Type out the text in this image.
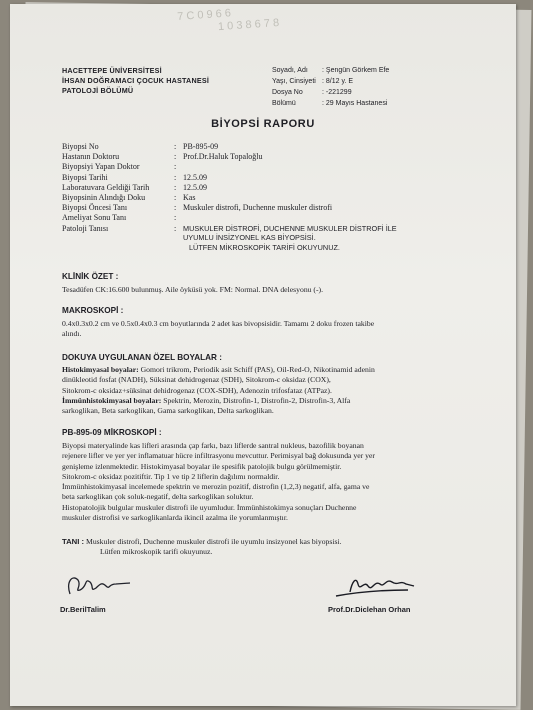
7 C 0 9 6 6
1 0 3 8 6 7 8
HACETTEPE ÜNİVERSİTESİ
İHSAN DOĞRAMACI ÇOCUK HASTANESİ
PATOLOJİ BÖLÜMÜ
Soyadı, Adı : Şengün Görkem Efe
Yaşı, Cinsiyeti : 8/12 y. E
Dosya No	: -221299
Bölümü	: 29 Mayıs Hastanesi
BİYOPSİ RAPORU
Biyopsi No	: PB-895-09
Hastanın Doktoru	: Prof.Dr.Haluk Topaloğlu
Biyopsiyi Yapan Doktor	:
Biyopsi Tarihi	: 12.5.09
Laboratuvara Geldiği Tarih	: 12.5.09
Biyopsinin Alındığı Doku	: Kas
Biyopsi Öncesi Tanı	: Muskuler distrofi, Duchenne muskuler distrofi
Ameliyat Sonu Tanı	:
Patoloji Tanısı	: MUSKULER DİSTROFİ, DUCHENNE MUSKULER DİSTROFİ İLE
UYUMLU İNSİZYONEL KAS BİYOPSİSİ.
LÜTFEN MİKROSKOPİK TARİFİ OKUYUNUZ.
KLİNİK ÖZET :
Tesadüfen CK:16.600 bulunmuş. Aile öyküsü yok. FM: Normal. DNA delesyonu (-).
MAKROSKOPİ :
0.4x0.3x0.2 cm ve 0.5x0.4x0.3 cm boyutlarında 2 adet kas bivopsisidir. Tamamı 2 doku frozen takibe
alındı.
DOKUYA UYGULANAN ÖZEL BOYALAR :
Histokimyasal boyalar: Gomori trikrom, Periodik asit Schiff (PAS), Oil-Red-O, Nikotinamid adenin
dinükleotid fosfat (NADH), Süksinat dehidrogenaz (SDH), Sitokrom-c oksidaz (COX),
Sitokrom-c oksidaz+süksinat dehidrogenaz (COX-SDH), Adenozin trifosfataz (ATPaz).
İmmünhistokimyasal boyalar: Spektrin, Merozin, Distrofin-1, Distrofin-2, Distrofin-3, Alfa
sarkoglikan, Beta sarkoglikan, Gama sarkoglikan, Delta sarkoglikan.
PB-895-09 MİKROSKOPİ :
Biyopsi materyalinde kas lifleri arasında çap farkı, bazı liflerde santral nukleus, bazofilik boyanan
rejenere lifler ve yer yer inflamatuar hücre infiltrasyonu mevcuttur. Perimisyal bağ dokusunda yer yer
genişleme izlenmektedir. Histokimyasal boyalar ile spesifik patolojik bulgu görülmemiştir.
Sitokrom-c oksidaz pozitiftir. Tip 1 ve tip 2 liflerin dağılımı normaldir.
İmmünhistokimyasal incelemede spektrin ve merozin pozitif, distrofin (1,2,3) negatif, alfa, gama ve
beta sarkoglikan çok soluk-negatif, delta sarkoglikan soluktur.
Histopatolojik bulgular muskuler distrofi ile uyumludur. İmmünhistokimya sonuçları Duchenne
muskuler distrofisi ve sarkoglikanlarda ikincil azalma ile yorumlanmıştır.
TANI : Muskuler distrofi, Duchenne muskuler distrofi ile uyumlu insizyonel kas biyopsisi.
Lütfen mikroskopik tarifi okuyunuz.
Dr.BerilTalim	Prof.Dr.Diclehan Orhan
